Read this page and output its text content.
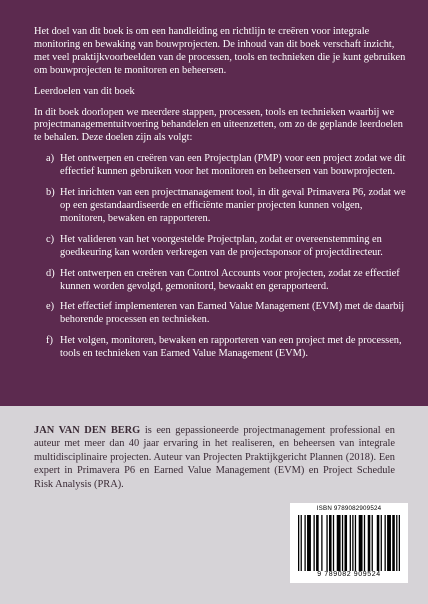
Het doel van dit boek is om een handleiding en richtlijn te creëren voor integrale monitoring en bewaking van bouwprojecten. De inhoud van dit boek verschaft inzicht, met veel praktijkvoorbeelden van de processen, tools en technieken die je kunt gebruiken om bouwprojecten te monitoren en beheersen.

Leerdoelen van dit boek

In dit boek doorlopen we meerdere stappen, processen, tools en technieken waarbij we projectmanagementuitvoering behandelen en uiteenzetten, om zo de geplande leerdoelen te behalen. Deze doelen zijn als volgt:

a) Het ontwerpen en creëren van een Projectplan (PMP) voor een project zodat we dit effectief kunnen gebruiken voor het monitoren en beheersen van bouwprojecten.
b) Het inrichten van een projectmanagement tool, in dit geval Primavera P6, zodat we op een gestandaardiseerde en efficiënte manier projecten kunnen volgen, monitoren, bewaken en rapporteren.
c) Het valideren van het voorgestelde Projectplan, zodat er overeenstemming en goedkeuring kan worden verkregen van de projectsponsor of projectdirecteur.
d) Het ontwerpen en creëren van Control Accounts voor projecten, zodat ze effectief kunnen worden gevolgd, gemonitord, bewaakt en gerapporteerd.
e) Het effectief implementeren van Earned Value Management (EVM) met de daarbij behorende processen en technieken.
f) Het volgen, monitoren, bewaken en rapporteren van een project met de processen, tools en technieken van Earned Value Management (EVM).

JAN VAN DEN BERG is een gepassioneerde projectmanagement professional en auteur met meer dan 40 jaar ervaring in het realiseren, en beheersen van integrale multidisciplinaire projecten. Auteur van Projecten Praktijkgericht Plannen (2018). Een expert in Primavera P6 en Earned Value Management (EVM) en Project Schedule Risk Analysis (PRA).

ISBN 9789082909524
9 789082 909524
